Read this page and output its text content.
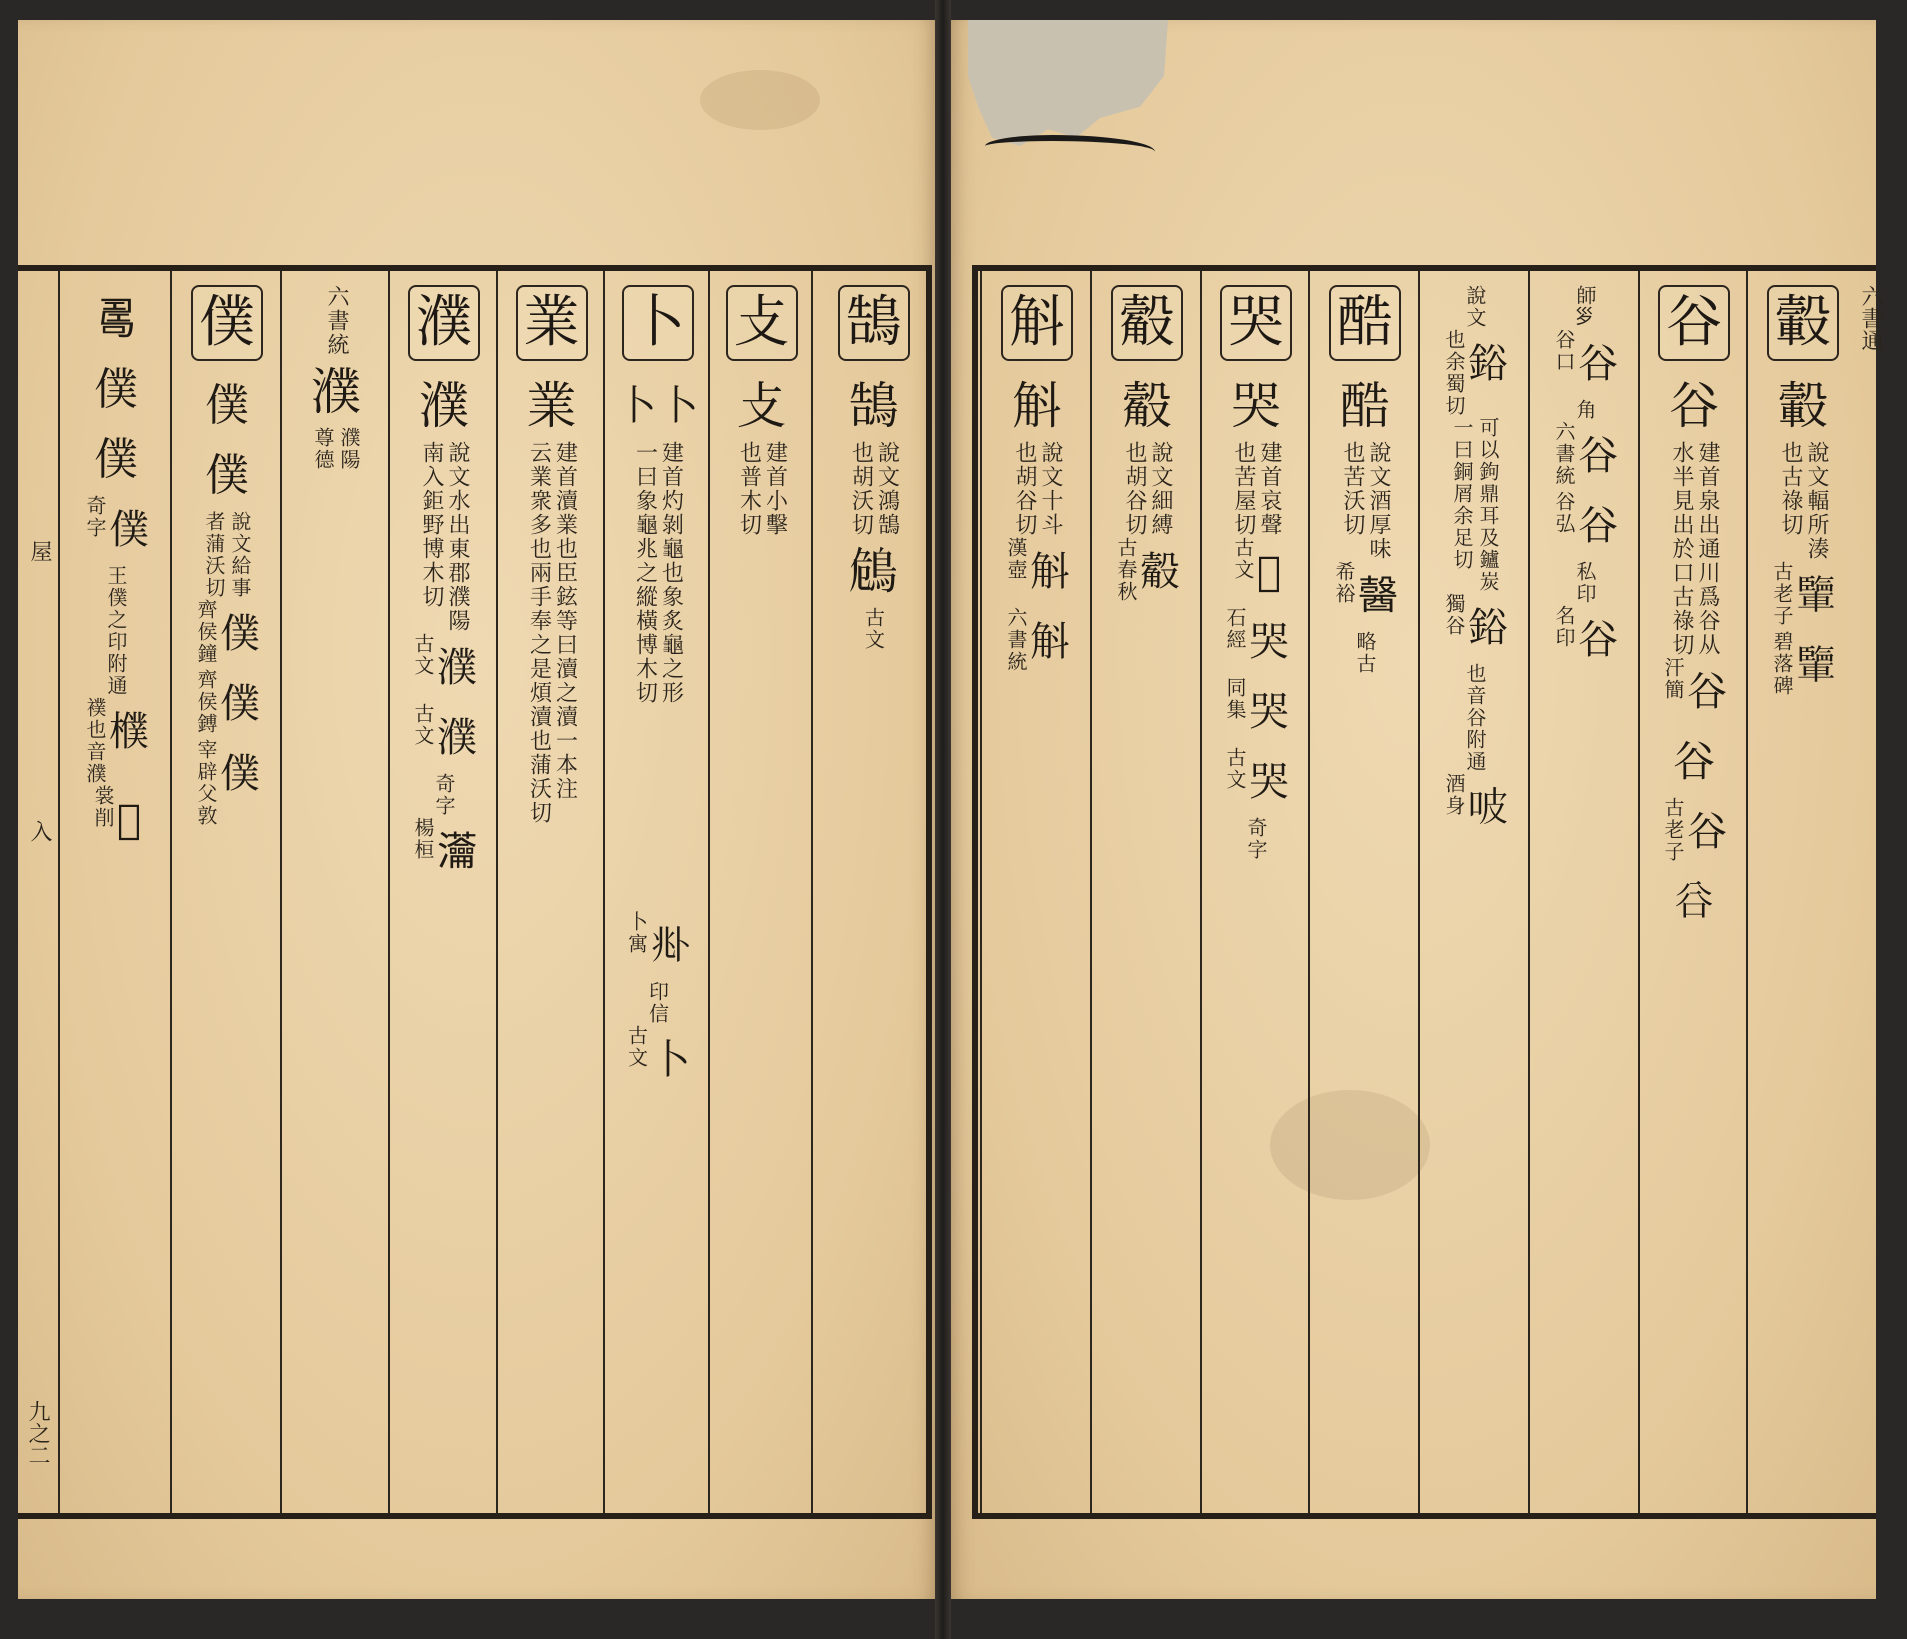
屋
入
九之二
六書通
鵠
鵠
說文鴻鵠
也胡沃切
𪀗
古文
攴
攴
建首小擊
也普木切
卜
卜
卜
建首灼剝龜也象炙龜之形
一曰象龜兆之縱橫博木切
𠧞
卜寓
印信
卜
古文
業
業
建首瀆業也臣鉉等曰瀆之瀆一本注
云業衆多也兩手奉之是煩瀆也蒲沃切
濮
濮
說文水出東郡濮陽
南入鉅野博木切
濮
古文
濮
古文
奇字
𤅢
楊桓
六書統
濮
濮陽
尊德
僕
僕
僕
說文給事
者蒲沃切
僕
齊侯鐘
僕
齊侯鎛
僕
宰辟父敦
𠷎
僕
僕
僕
奇字
王僕之印
附通
㯷
襆也音濮
𦄷
裳削
轂
轂
說文輻所湊
也古祿切
𨏊
古老子
𨏊
碧落碑
谷
谷
建首泉出通川爲谷从
水半見出於口古祿切
谷
汗簡
谷
谷
古老子
𠔌
師𡿪
谷
谷口
角
谷
六書統
谷
谷弘
私印
谷
名印
說文
鋊
也余蜀切
可以鉤鼎耳及鑪炭
一曰銅屑余足切
鋊
獨谷
也音谷
附通
𠱀
酒身
酷
酷
說文酒厚味
也苦沃切
𨢋
希裕
略古
哭
哭
建首哀聲
也苦屋切
𡀳
古文
哭
石經
哭
同集
哭
古文
奇字
觳
觳
說文細縛
也胡谷切
觳
古春秋
斛
斛
說文十斗
也胡谷切
斛
漢壺
斛
六書統
